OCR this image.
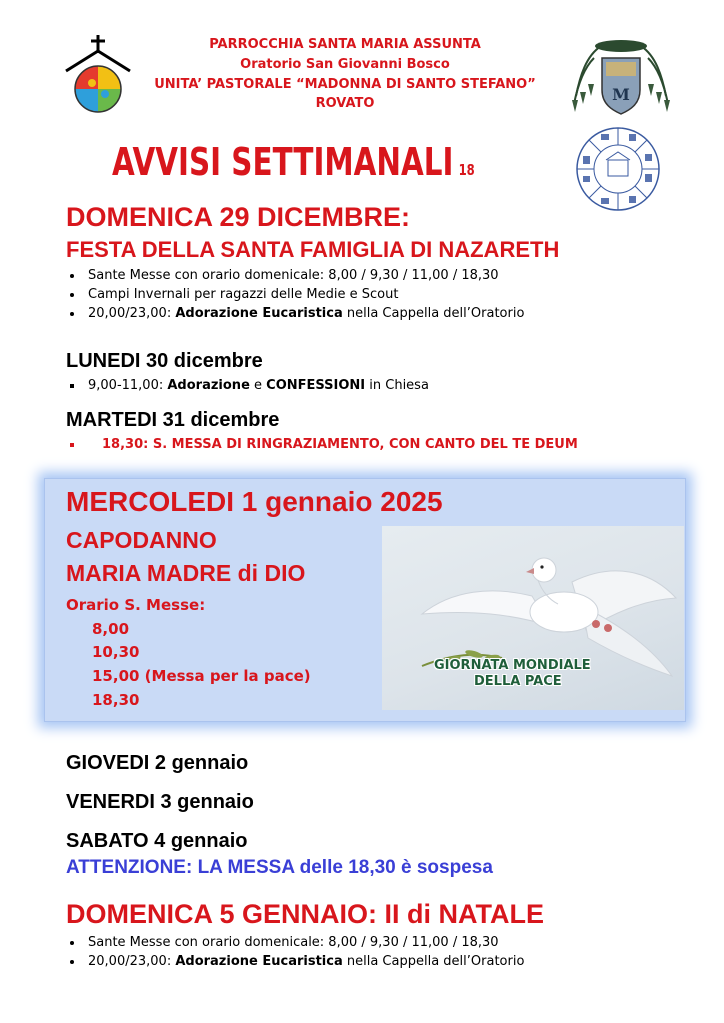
PARROCCHIA SANTA MARIA ASSUNTA
Oratorio San Giovanni Bosco
UNITA’ PASTORALE “MADONNA DI SANTO STEFANO”
ROVATO	M
AVVISI SETTIMANALI 18
DOMENICA 29 DICEMBRE:
FESTA DELLA SANTA FAMIGLIA DI NAZARETH
Sante Messe con orario domenicale: 8,00 / 9,30 / 11,00 / 18,30
Campi Invernali per ragazzi delle Medie e Scout
20,00/23,00: Adorazione Eucaristica nella Cappella dell’Oratorio
LUNEDI 30 dicembre
9,00-11,00: Adorazione e CONFESSIONI in Chiesa
MARTEDI 31 dicembre
18,30: S. MESSA DI RINGRAZIAMENTO, CON CANTO DEL TE DEUM
MERCOLEDI 1 gennaio 2025
CAPODANNO
MARIA MADRE di DIO
Orario S. Messe:
8,00
10,30
15,00 (Messa per la pace)
18,30
GIORNATA MONDIALE
DELLA PACE
GIOVEDI 2 gennaio
VENERDI 3 gennaio
SABATO 4 gennaio
ATTENZIONE: LA MESSA delle 18,30 è sospesa
DOMENICA 5 GENNAIO: II di NATALE
Sante Messe con orario domenicale: 8,00 / 9,30 / 11,00 / 18,30
20,00/23,00: Adorazione Eucaristica nella Cappella dell’Oratorio
